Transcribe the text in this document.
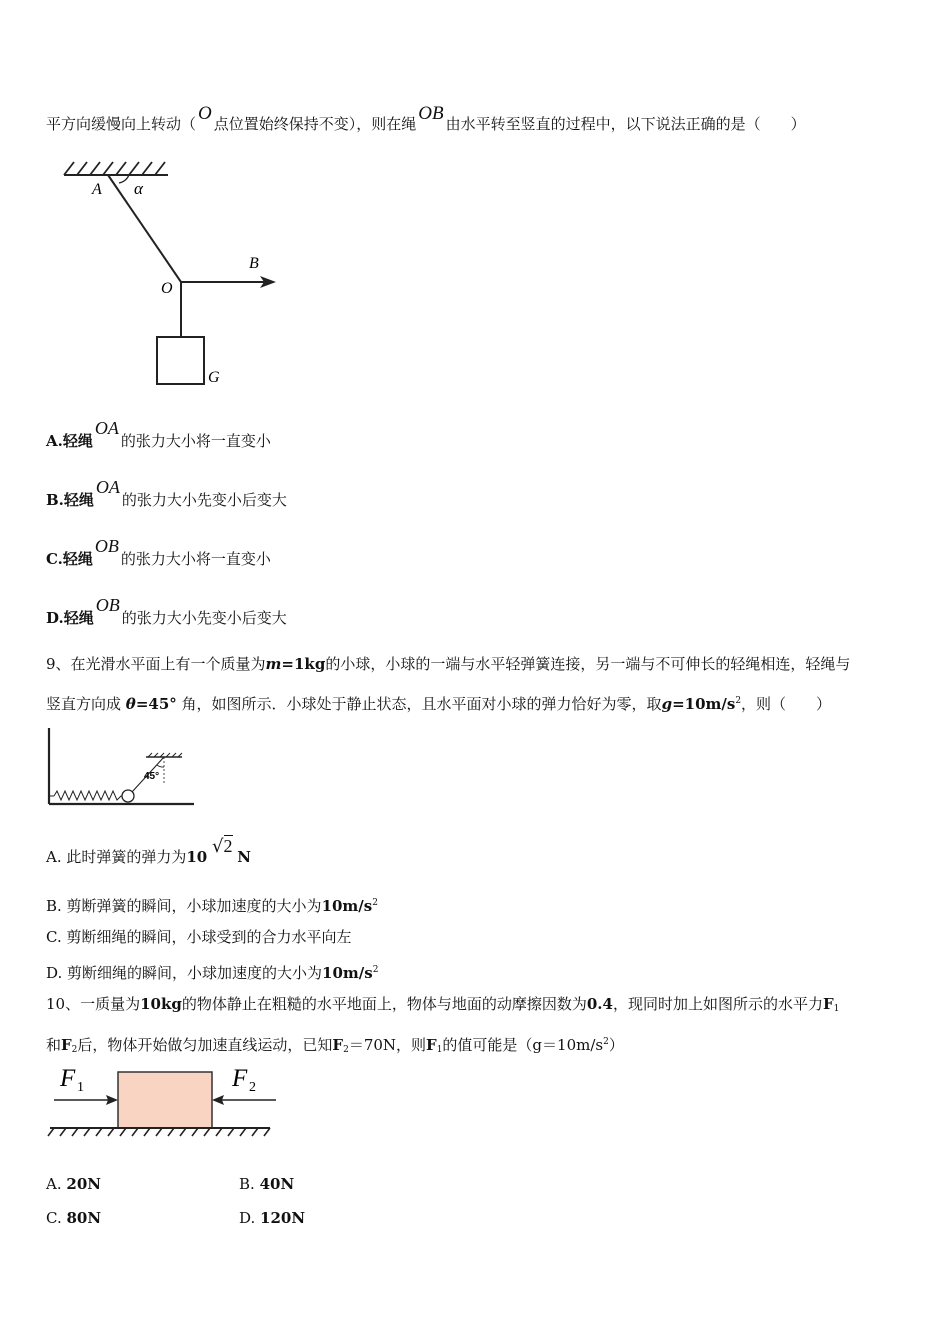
平方向缓慢向上转动（ O 点位置始终保持不变），则在绳 OB 由水平转至竖直的过程中，以下说法正确的是（　　）
A α
B
O
G
A.轻绳OA的张力大小将一直变小
B.轻绳OA的张力大小先变小后变大
C.轻绳OB的张力大小将一直变小
D.轻绳OB的张力大小先变小后变大
9、在光滑水平面上有一个质量为m=1kg的小球，小球的一端与水平轻弹簧连接，另一端与不可伸长的轻绳相连，轻绳与
竖直方向成 θ=45° 角，如图所示．小球处于静止状态，且水平面对小球的弹力恰好为零，取$g=10m/s^2$，则（　　）
45°
A. 此时弹簧的弹力为10 √2 N
B. 剪断弹簧的瞬间，小球加速度的大小为$10m/s^2$
C. 剪断细绳的瞬间，小球受到的合力水平向左
D. 剪断细绳的瞬间，小球加速度的大小为$10m/s^2$
10、一质量为10kg的物体静止在粗糙的水平地面上，物体与地面的动摩擦因数为0.4，现同时加上如图所示的水平力$F_1$
和$F_2$后，物体开始做匀加速直线运动，已知$F_2=70N$，则$F_1$的值可能是$(g=10m/s^2)$
F 1	F 2
A. 20N	B. 40N
C. 80N	D. 120N
